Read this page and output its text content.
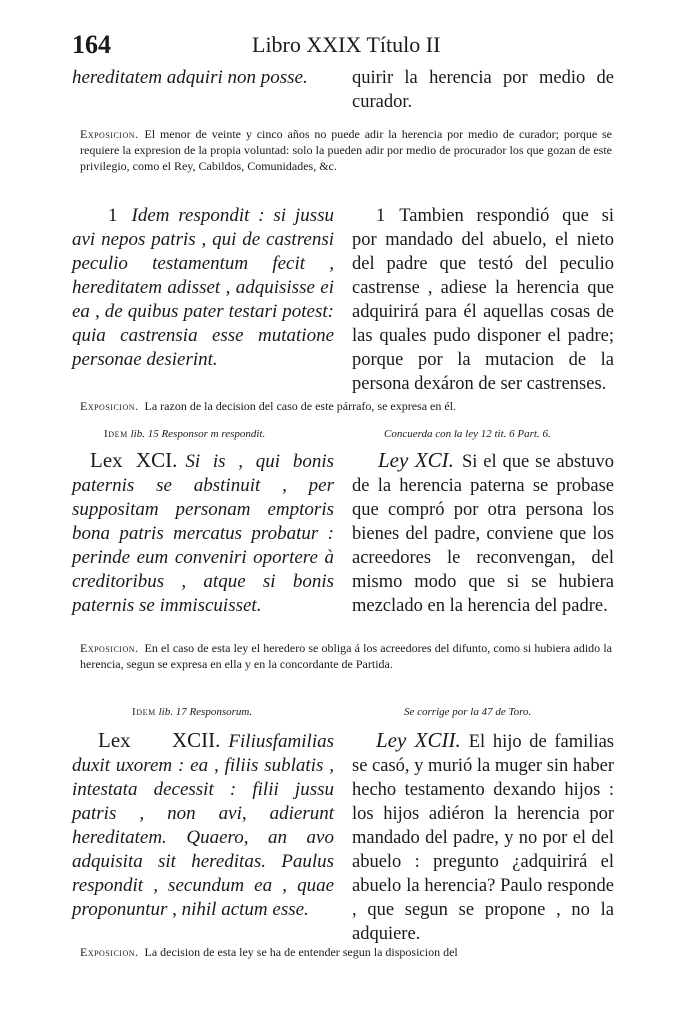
164	Libro XXIX Título II
hereditatem adquiri non posse.	quirir la herencia por medio de curador.
Exposicion. El menor de veinte y cinco años no puede adir la herencia por medio de curador; porque se requiere la expresion de la propia voluntad: solo la pueden adir por medio de procurador los que gozan de este privilegio, como el Rey, Cabildos, Comunidades, &c.
1 Idem respondit : si jussu avi nepos patris , qui de castrensi peculio testamentum fecit , hereditatem adisset , adquisisse ei ea , de quibus pater testari potest: quia castrensia esse mutatione personae desierint.
1 Tambien respondió que si por mandado del abuelo, el nieto del padre que testó del peculio castrense , adiese la herencia que adquirirá para él aquellas cosas de las quales pudo disponer el padre; porque por la mutacion de la persona dexáron de ser castrenses.
Exposicion. La razon de la decision del caso de este párrafo, se expresa en él.
Idem lib. 15 Responsor m respondit.	Concuerda con la ley 12 tit. 6 Part. 6.
Lex XCI. Si is , qui bonis paternis se abstinuit , per suppositam personam emptoris bona patris mercatus probatur : perinde eum conveniri oportere à creditoribus , atque si bonis paternis se immiscuisset.
Ley XCI. Si el que se abstuvo de la herencia paterna se probase que compró por otra persona los bienes del padre, conviene que los acreedores le reconvengan, del mismo modo que si se hubiera mezclado en la herencia del padre.
Exposicion. En el caso de esta ley el heredero se obliga á los acreedores del difunto, como si hubiera adido la herencia, segun se expresa en ella y en la concordante de Partida.
Idem lib. 17 Responsorum.	Se corrige por la 47 de Toro.
Lex XCII. Filiusfamilias duxit uxorem : ea , filiis sublatis , intestata decessit : filii jussu patris , non avi, adierunt hereditatem. Quaero, an avo adquisita sit hereditas. Paulus respondit , secundum ea , quae proponuntur , nihil actum esse.
Ley XCII. El hijo de familias se casó, y murió la muger sin haber hecho testamento dexando hijos : los hijos adiéron la herencia por mandado del padre, y no por el del abuelo : pregunto ¿adquirirá el abuelo la herencia? Paulo responde , que segun se propone , no la adquiere.
Exposicion. La decision de esta ley se ha de entender segun la disposicion del
